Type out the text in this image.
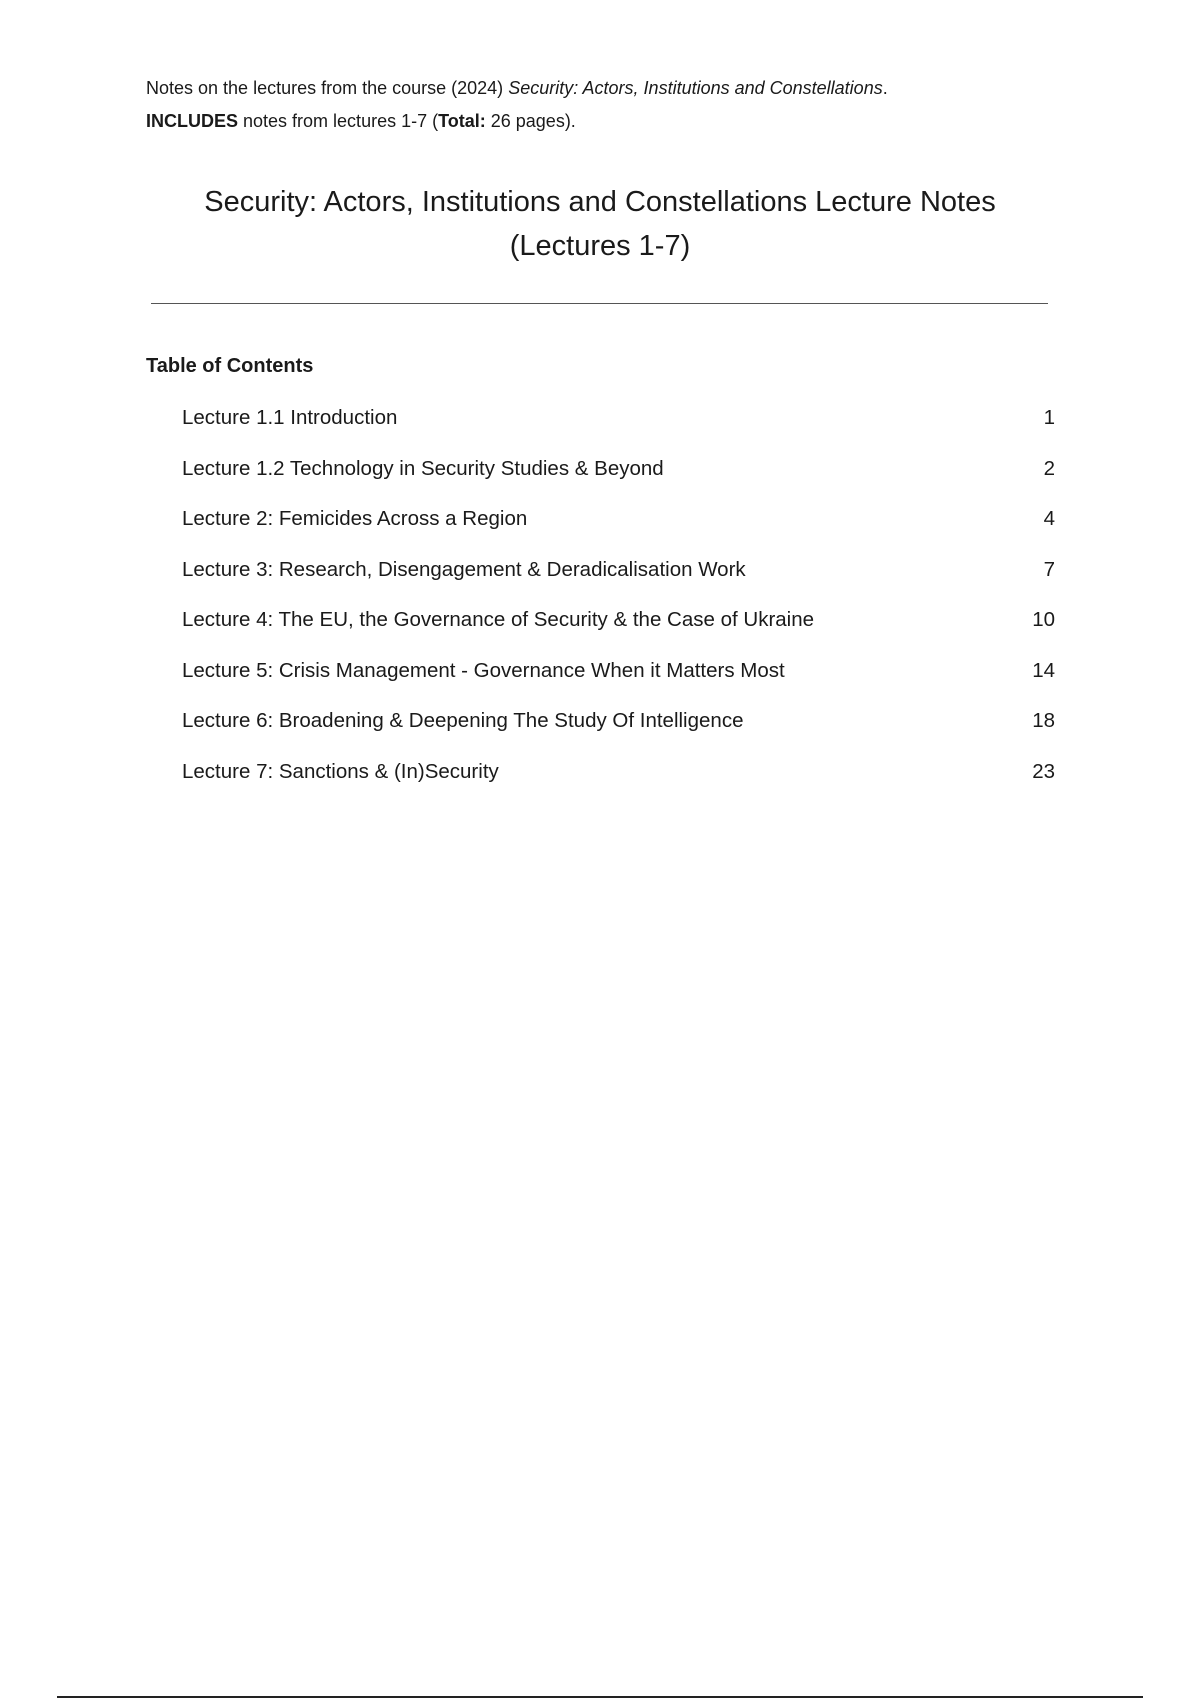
Notes on the lectures from the course (2024) Security: Actors, Institutions and Constellations.
INCLUDES notes from lectures 1-7 (Total: 26 pages).
Security: Actors, Institutions and Constellations Lecture Notes
(Lectures 1-7)
Table of Contents
Lecture 1.1 Introduction	1
Lecture 1.2 Technology in Security Studies & Beyond	2
Lecture 2: Femicides Across a Region	4
Lecture 3: Research, Disengagement & Deradicalisation Work	7
Lecture 4: The EU, the Governance of Security & the Case of Ukraine	10
Lecture 5: Crisis Management - Governance When it Matters Most	14
Lecture 6: Broadening & Deepening The Study Of Intelligence	18
Lecture 7: Sanctions & (In)Security	23
